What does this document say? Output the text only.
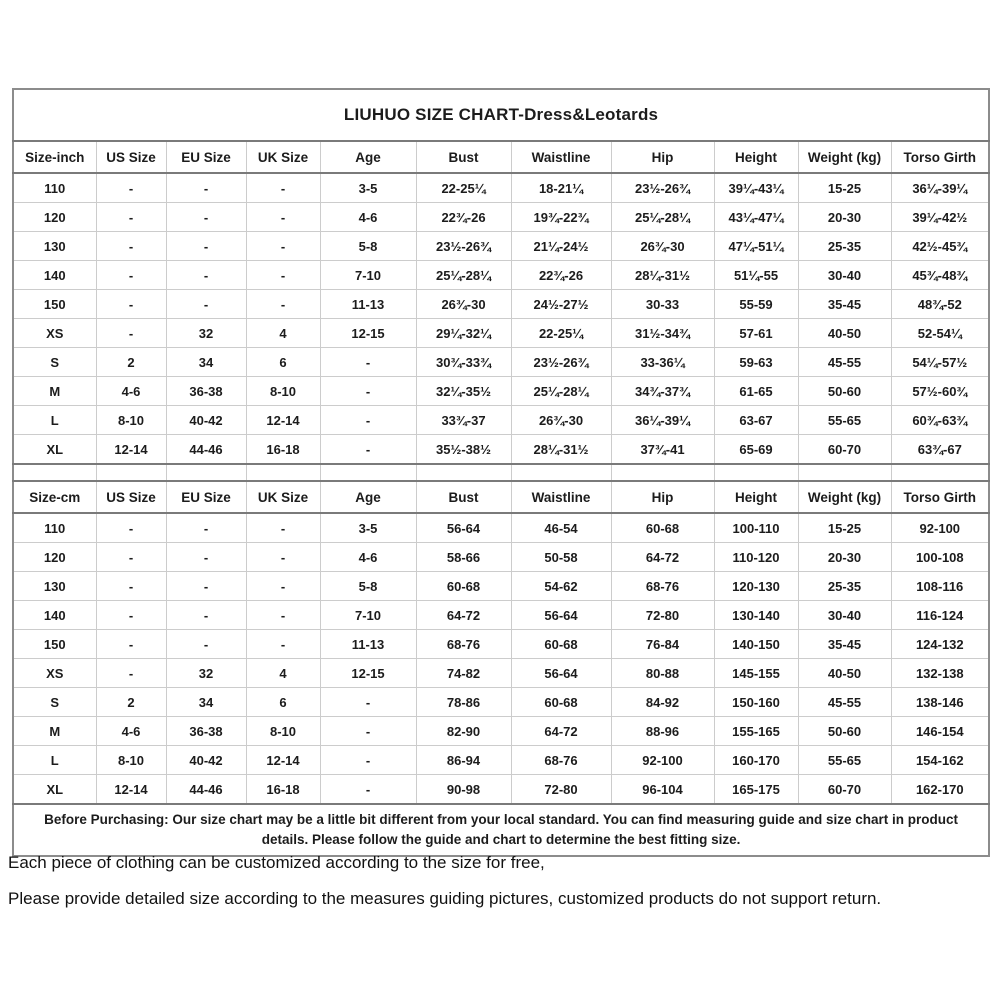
LIUHUO SIZE CHART-Dress&Leotards										
Size-inch	US Size	EU Size	UK Size	Age	Bust	Waistline	Hip	Height	Weight (kg)	Torso Girth
110	-	-	-	3-5	22-25¼	18-21¼	23½-26¾	39¼-43¼	15-25	36¼-39¼
120	-	-	-	4-6	22¾-26	19¾-22¾	25¼-28¼	43¼-47¼	20-30	39¼-42½
130	-	-	-	5-8	23½-26¾	21¼-24½	26¾-30	47¼-51¼	25-35	42½-45¾
140	-	-	-	7-10	25¼-28¼	22¾-26	28¼-31½	51¼-55	30-40	45¾-48¾
150	-	-	-	11-13	26¾-30	24½-27½	30-33	55-59	35-45	48¾-52
XS	-	32	4	12-15	29¼-32¼	22-25¼	31½-34¾	57-61	40-50	52-54¼
S	2	34	6	-	30¾-33¾	23½-26¾	33-36¼	59-63	45-55	54¼-57½
M	4-6	36-38	8-10	-	32¼-35½	25¼-28¼	34¾-37¾	61-65	50-60	57½-60¾
L	8-10	40-42	12-14	-	33¾-37	26¾-30	36¼-39¼	63-67	55-65	60¾-63¾
XL	12-14	44-46	16-18	-	35½-38½	28¼-31½	37¾-41	65-69	60-70	63¾-67

Size-cm	US Size	EU Size	UK Size	Age	Bust	Waistline	Hip	Height	Weight (kg)	Torso Girth
110	-	-	-	3-5	56-64	46-54	60-68	100-110	15-25	92-100
120	-	-	-	4-6	58-66	50-58	64-72	110-120	20-30	100-108
130	-	-	-	5-8	60-68	54-62	68-76	120-130	25-35	108-116
140	-	-	-	7-10	64-72	56-64	72-80	130-140	30-40	116-124
150	-	-	-	11-13	68-76	60-68	76-84	140-150	35-45	124-132
XS	-	32	4	12-15	74-82	56-64	80-88	145-155	40-50	132-138
S	2	34	6	-	78-86	60-68	84-92	150-160	45-55	138-146
M	4-6	36-38	8-10	-	82-90	64-72	88-96	155-165	50-60	146-154
L	8-10	40-42	12-14	-	86-94	68-76	92-100	160-170	55-65	154-162
XL	12-14	44-46	16-18	-	90-98	72-80	96-104	165-175	60-70	162-170
Before Purchasing: Our size chart may be a little bit different from your local standard. You can find measuring guide and size chart in product details. Please follow the guide and chart to determine the best fitting size.										
Each piece of clothing can be customized according to the size for free,
Please provide detailed size according to the measures guiding pictures, customized products do not support return.
